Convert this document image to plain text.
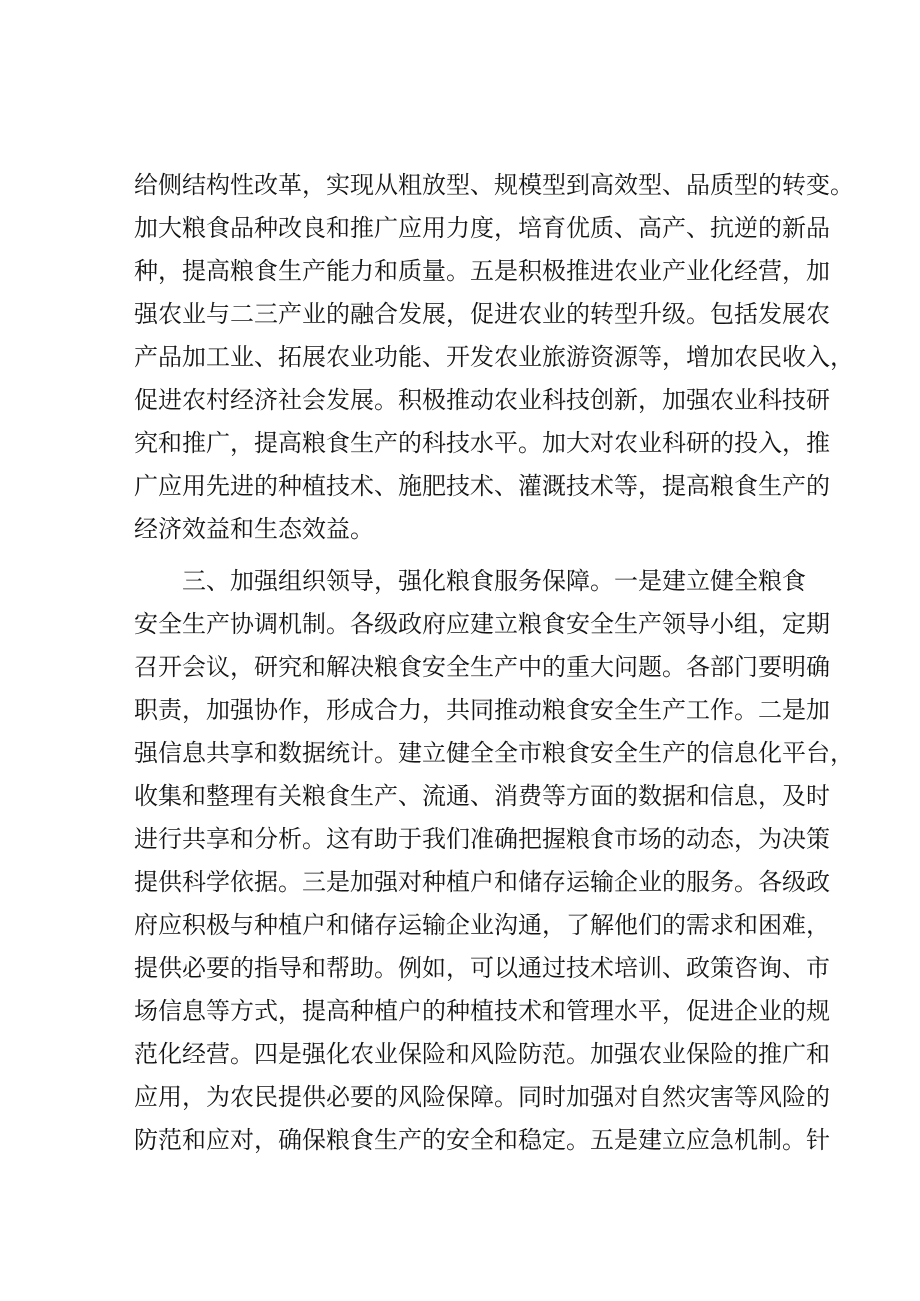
给侧结构性改革，实现从粗放型、规模型到高效型、品质型的转变。
加大粮食品种改良和推广应用力度，培育优质、高产、抗逆的新品
种，提高粮食生产能力和质量。五是积极推进农业产业化经营，加
强农业与二三产业的融合发展，促进农业的转型升级。包括发展农
产品加工业、拓展农业功能、开发农业旅游资源等，增加农民收入，
促进农村经济社会发展。积极推动农业科技创新，加强农业科技研
究和推广，提高粮食生产的科技水平。加大对农业科研的投入，推
广应用先进的种植技术、施肥技术、灌溉技术等，提高粮食生产的
经济效益和生态效益。
三、加强组织领导，强化粮食服务保障。一是建立健全粮食
安全生产协调机制。各级政府应建立粮食安全生产领导小组，定期
召开会议，研究和解决粮食安全生产中的重大问题。各部门要明确
职责，加强协作，形成合力，共同推动粮食安全生产工作。二是加
强信息共享和数据统计。建立健全全市粮食安全生产的信息化平台，
收集和整理有关粮食生产、流通、消费等方面的数据和信息，及时
进行共享和分析。这有助于我们准确把握粮食市场的动态，为决策
提供科学依据。三是加强对种植户和储存运输企业的服务。各级政
府应积极与种植户和储存运输企业沟通，了解他们的需求和困难，
提供必要的指导和帮助。例如，可以通过技术培训、政策咨询、市
场信息等方式，提高种植户的种植技术和管理水平，促进企业的规
范化经营。四是强化农业保险和风险防范。加强农业保险的推广和
应用，为农民提供必要的风险保障。同时加强对自然灾害等风险的
防范和应对，确保粮食生产的安全和稳定。五是建立应急机制。针
